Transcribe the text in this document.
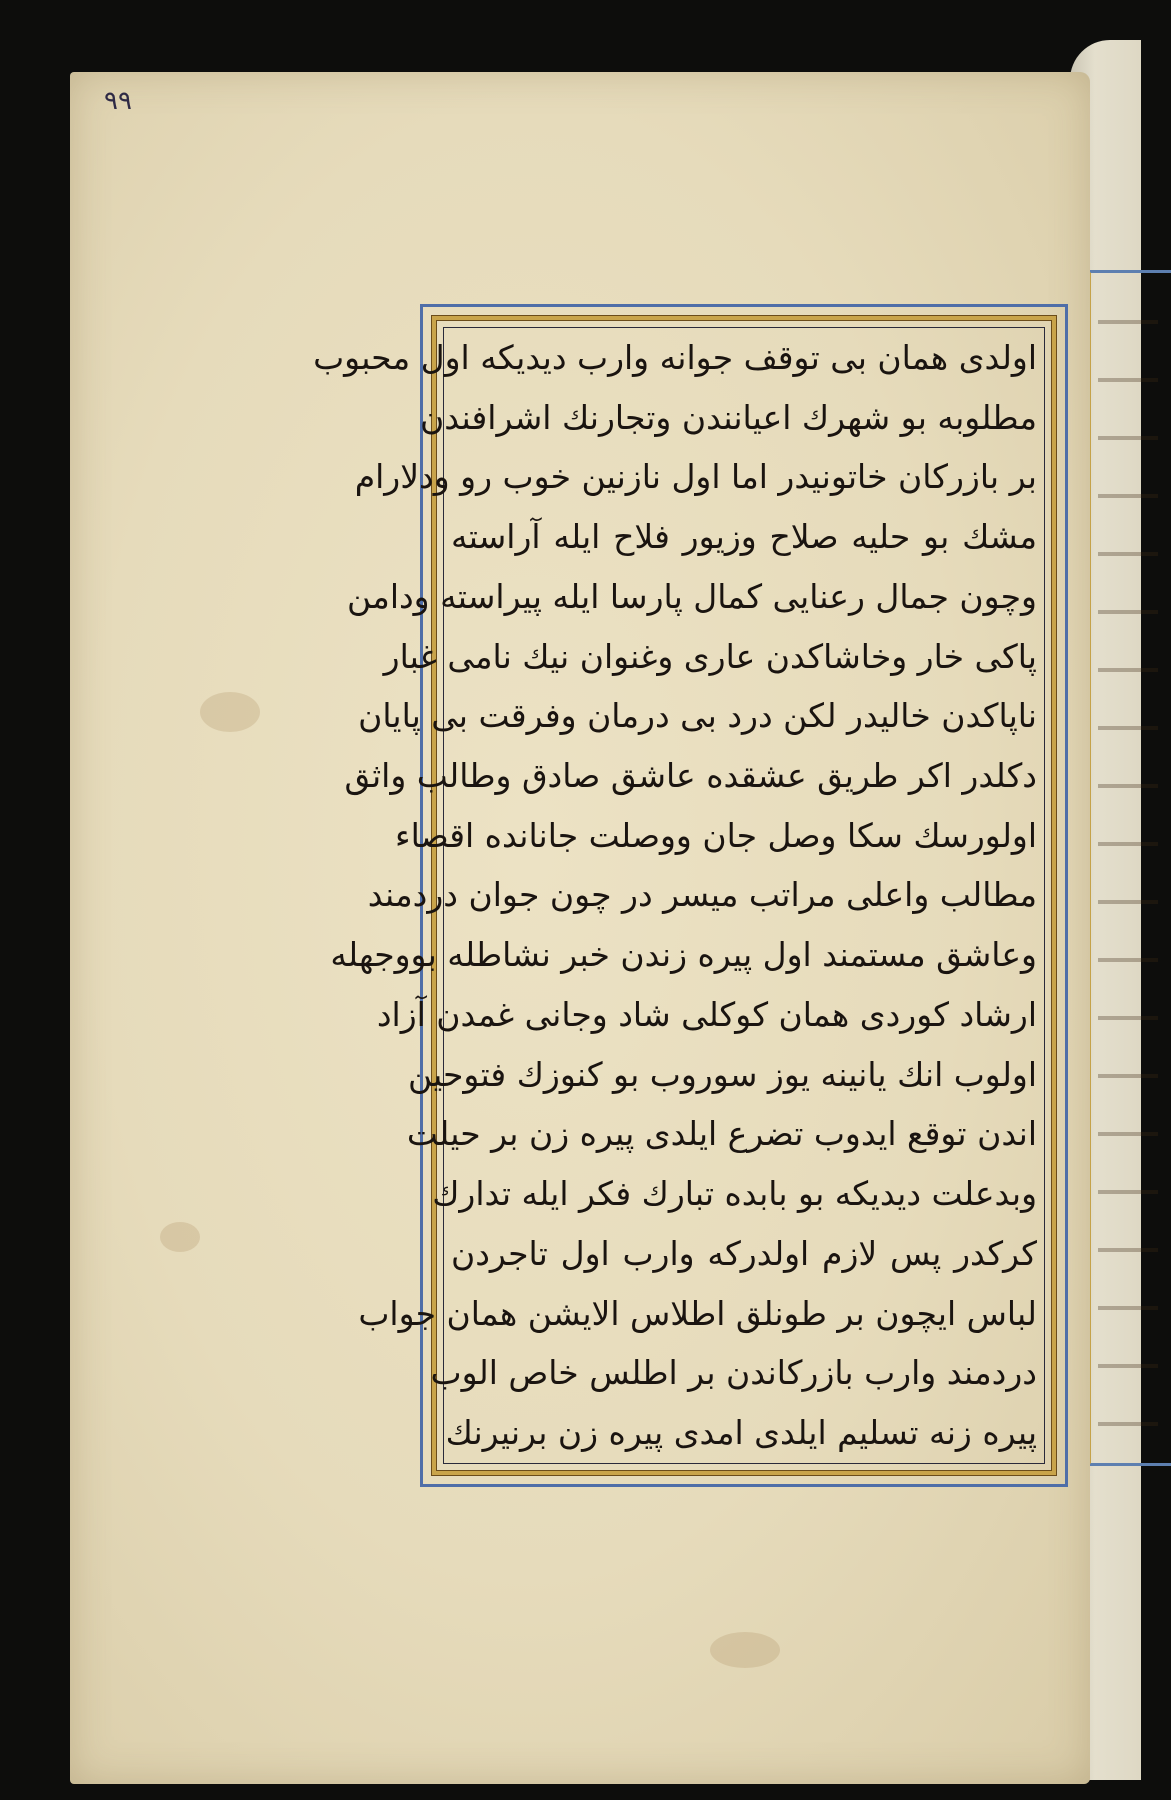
٩٩
اولدی همان بی توقف جوانه وارب دیدیکه اول محبوب
مطلوبه بو شهرك اعیانندن وتجارنك اشرافندن
بر بازرکان خاتونیدر اما اول نازنین خوب رو ودلارام
مشك بو حلیه صلاح وزیور فلاح ایله آراسته
وچون جمال رعنایی کمال پارسا ایله پیراسته ودامن
پاکی خار وخاشاکدن عاری وغنوان نیك نامی غبار
ناپاکدن خالیدر لکن درد بی درمان وفرقت بی پایان
دکلدر اکر طریق عشقده عاشق صادق وطالب واثق
اولورسك سکا وصل جان ووصلت جانانده اقصاء
مطالب واعلی مراتب میسر در چون جوان دردمند
وعاشق مستمند اول پیره زندن خبر نشاطله بووجهله
ارشاد کوردی همان کوکلی شاد وجانی غمدن آزاد
اولوب انك یانینه یوز سوروب بو کنوزك فتوحین
اندن توقع ایدوب تضرع ایلدی پیره زن بر حیلت
وبدعلت دیدیکه بو بابده تبارك فکر ایله تدارك
کرکدر پس لازم اولدرکه وارب اول تاجردن
لباس ایچون بر طونلق اطلاس الایشن همان جواب
دردمند وارب بازرکاندن بر اطلس خاص الوب
پیره زنه تسلیم ایلدی امدی پیره زن برنیرنك
